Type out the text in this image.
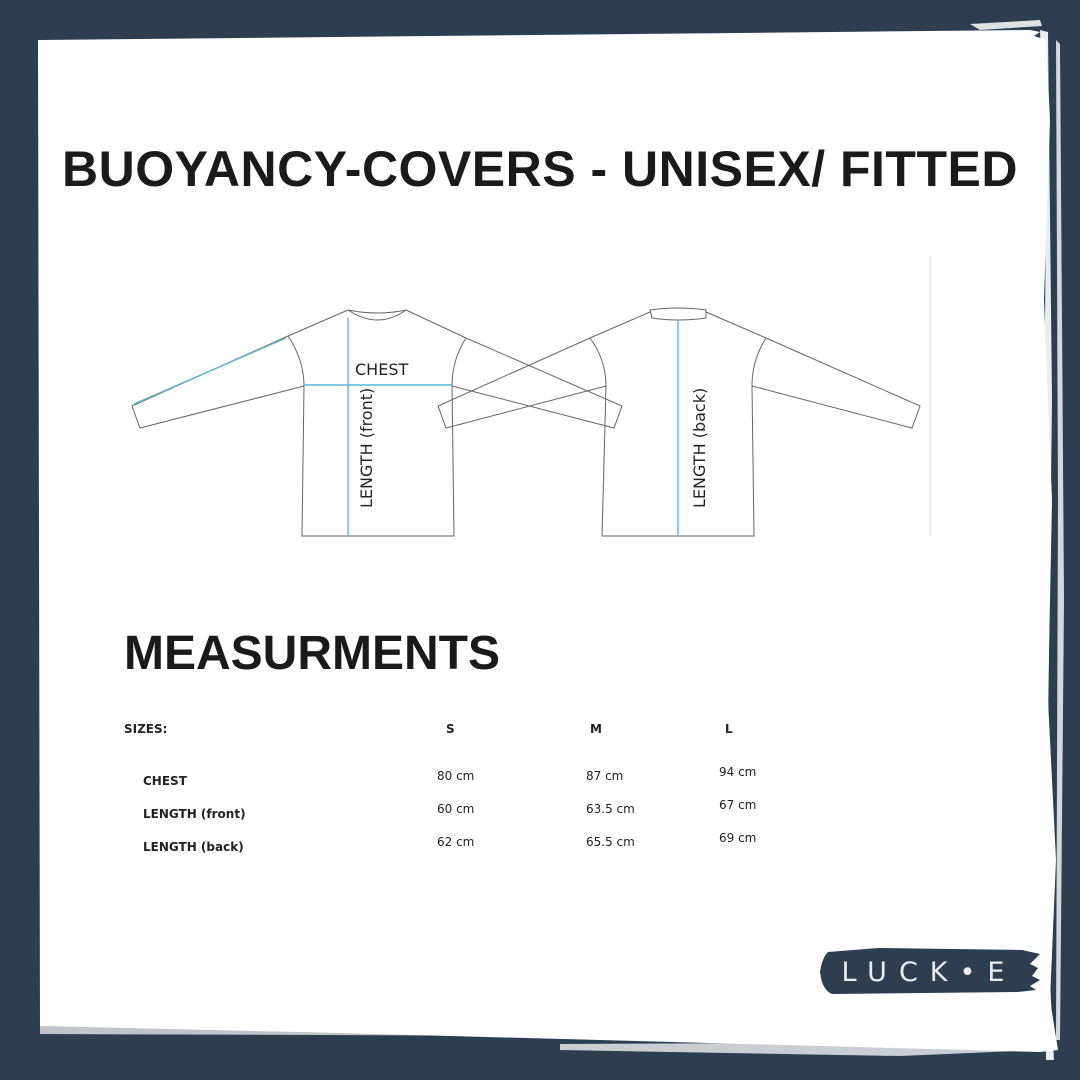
BUOYANCY-COVERS - UNISEX/ FITTED
CHEST
LENGTH (front)	LENGTH (back)
MEASURMENTS
SIZES:	S	M	L
CHEST	80 cm	87 cm	94 cm
LENGTH (front)	60 cm	63.5 cm	67 cm
LENGTH (back)	62 cm	65.5 cm	69 cm
LUCK•E
